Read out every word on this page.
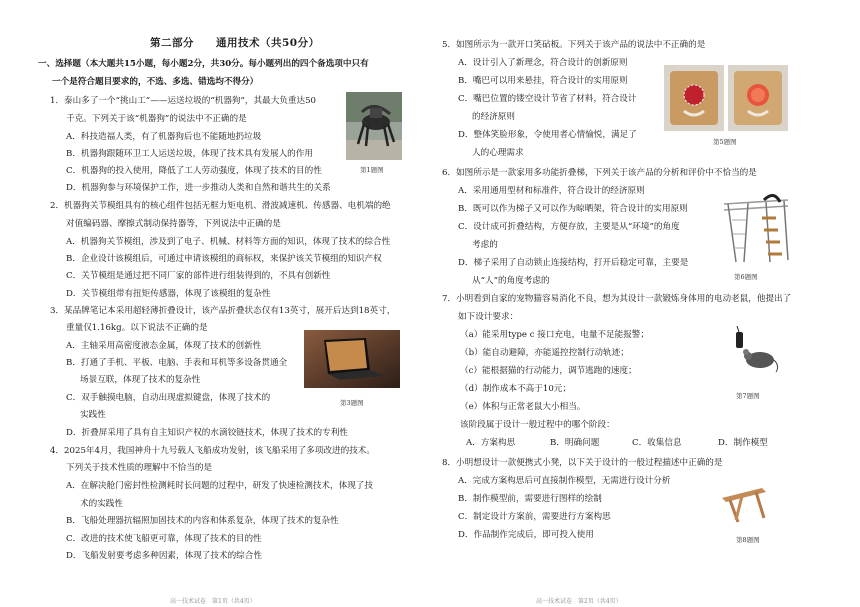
第二部分　　通用技术（共50分）
一、选择题（本大题共15小题，每小题2分，共30分。每小题列出的四个备选项中只有
一个是符合题目要求的，不选、多选、错选均不得分）
1．泰山多了一个“挑山工”——运送垃圾的“机器狗”，其最大负重达50
千克。下列关于该“机器狗”的说法中不正确的是
A．科技造福人类，有了机器狗后也不能随地扔垃圾
B．机器狗跟随环卫工人运送垃圾，体现了技术具有发展人的作用
C．机器狗的投入使用，降低了工人劳动强度，体现了技术的目的性
D．机器狗参与环境保护工作，进一步推动人类和自然和谐共生的关系
第1题图
2．机器狗关节模组具有的核心组件包括无框力矩电机、滑波减速机、传感器、电机端的绝
对值编码器、摩擦式制动保持器等，下列说法中正确的是
A．机器狗关节模组，涉及到了电子、机械、材料等方面的知识，体现了技术的综合性
B．企业设计该模组后，可通过申请该模组的商标权，来保护该关节模组的知识产权
C．关节模组是通过把不同厂家的部件进行组装得到的，不具有创新性
D．关节模组带有扭矩传感器，体现了该模组的复杂性
3．某品牌笔记本采用超轻薄折叠设计，该产品折叠状态仅有13英寸，展开后达到18英寸，
重量仅1.16kg。以下说法不正确的是
A．主轴采用高密度液态金属，体现了技术的创新性
B．打通了手机、平板、电脑、手表和耳机等多设备贯通全
场景互联，体现了技术的复杂性
C．双手触摸电脑，自动出现虚拟键盘，体现了技术的
实践性
D．折叠屏采用了具有自主知识产权的水滴铰链技术，体现了技术的专利性
第3题图
4．2025年4月，我国神舟十九号载人飞船成功发射，该飞船采用了多项改进的技术。
下列关于技术性质的理解中不恰当的是
A．在解决舱门密封性检测耗时长问题的过程中，研发了快速检测技术，体现了技
术的实践性
B．飞船处理器抗辐照加固技术的内容和体系复杂，体现了技术的复杂性
C．改进的技术使飞船更可靠，体现了技术的目的性
D．飞船发射要考虑多种因素，体现了技术的综合性
高一技术试卷　第1页（共4页）
5．如图所示为一款开口笑砧板。下列关于该产品的说法中不正确的是
A．设计引入了新理念，符合设计的创新原则
B．嘴巴可以用来悬挂，符合设计的实用原则
C．嘴巴位置的镂空设计节省了材料，符合设计
的经济原则
D．整体笑脸形象，令使用者心情愉悦，满足了
人的心理需求
第5题图
6．如图所示是一款家用多功能折叠梯，下列关于该产品的分析和评价中不恰当的是
A．采用通用型材和标准件，符合设计的经济原则
B．既可以作为梯子又可以作为晾晒架，符合设计的实用原则
C．设计成可折叠结构，方便存放，主要是从“环境”的角度
考虑的
D．梯子采用了自动锁止连接结构，打开后稳定可靠，主要是
从“人”的角度考虑的	第6题图
7．小明看到自家的宠物猫容易消化不良，想为其设计一款锻炼身体用的电动老鼠，他提出了
如下设计要求：
（a）能采用type c 接口充电，电量不足能报警；
（b）能自动避障，亦能遥控控制行动轨迹；
（c）能根据猫的行动能力，调节逃跑的速度；
（d）制作成本不高于10元；
（e）体积与正常老鼠大小相当。
该阶段属于设计一般过程中的哪个阶段：
A．方案构思	B．明确问题	C．收集信息	D．制作模型
第7题图
8．小明想设计一款便携式小凳，以下关于设计的一般过程描述中正确的是
A．完成方案构思后可直接制作模型，无需进行设计分析
B．制作模型前，需要进行图样的绘制
C．制定设计方案前，需要进行方案构思
D．作品制作完成后，即可投入使用	第8题图
高一技术试卷　第2页（共4页）
